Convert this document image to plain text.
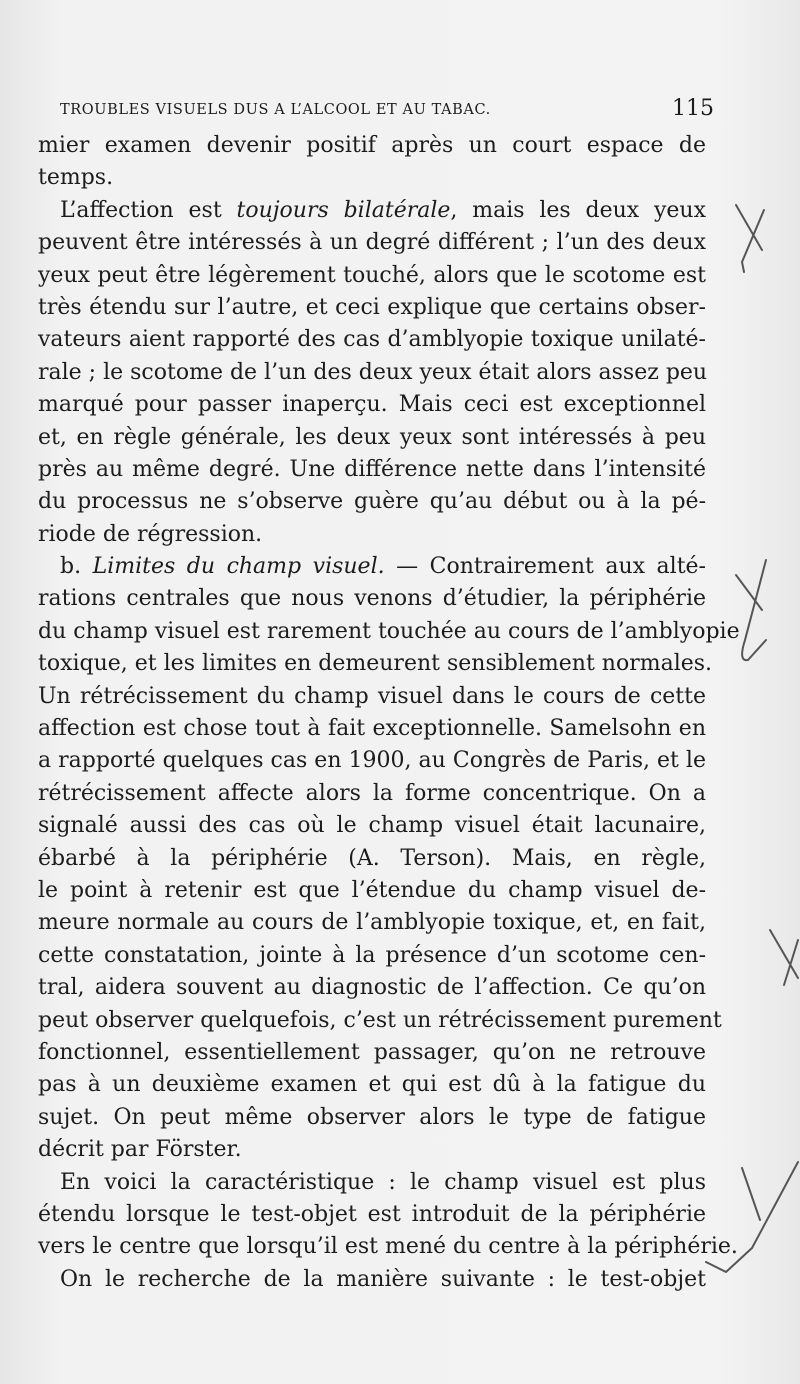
TROUBLES VISUELS DUS A L’ALCOOL ET AU TABAC.	115
mier examen devenir positif après un court espace de
temps.
L’affection est toujours bilatérale, mais les deux yeux
peuvent être intéressés à un degré différent ; l’un des deux
yeux peut être légèrement touché, alors que le scotome est
très étendu sur l’autre, et ceci explique que certains obser-
vateurs aient rapporté des cas d’amblyopie toxique unilaté-
rale ; le scotome de l’un des deux yeux était alors assez peu
marqué pour passer inaperçu. Mais ceci est exceptionnel
et, en règle générale, les deux yeux sont intéressés à peu
près au même degré. Une différence nette dans l’intensité
du processus ne s’observe guère qu’au début ou à la pé-
riode de régression.
b. Limites du champ visuel. — Contrairement aux alté-
rations centrales que nous venons d’étudier, la périphérie
du champ visuel est rarement touchée au cours de l’amblyopie
toxique, et les limites en demeurent sensiblement normales.
Un rétrécissement du champ visuel dans le cours de cette
affection est chose tout à fait exceptionnelle. Samelsohn en
a rapporté quelques cas en 1900, au Congrès de Paris, et le
rétrécissement affecte alors la forme concentrique. On a
signalé aussi des cas où le champ visuel était lacunaire,
ébarbé à la périphérie (A. Terson). Mais, en règle,
le point à retenir est que l’étendue du champ visuel de-
meure normale au cours de l’amblyopie toxique, et, en fait,
cette constatation, jointe à la présence d’un scotome cen-
tral, aidera souvent au diagnostic de l’affection. Ce qu’on
peut observer quelquefois, c’est un rétrécissement purement
fonctionnel, essentiellement passager, qu’on ne retrouve
pas à un deuxième examen et qui est dû à la fatigue du
sujet. On peut même observer alors le type de fatigue
décrit par Förster.
En voici la caractéristique : le champ visuel est plus
étendu lorsque le test-objet est introduit de la périphérie
vers le centre que lorsqu’il est mené du centre à la périphérie.
On le recherche de la manière suivante : le test-objet
